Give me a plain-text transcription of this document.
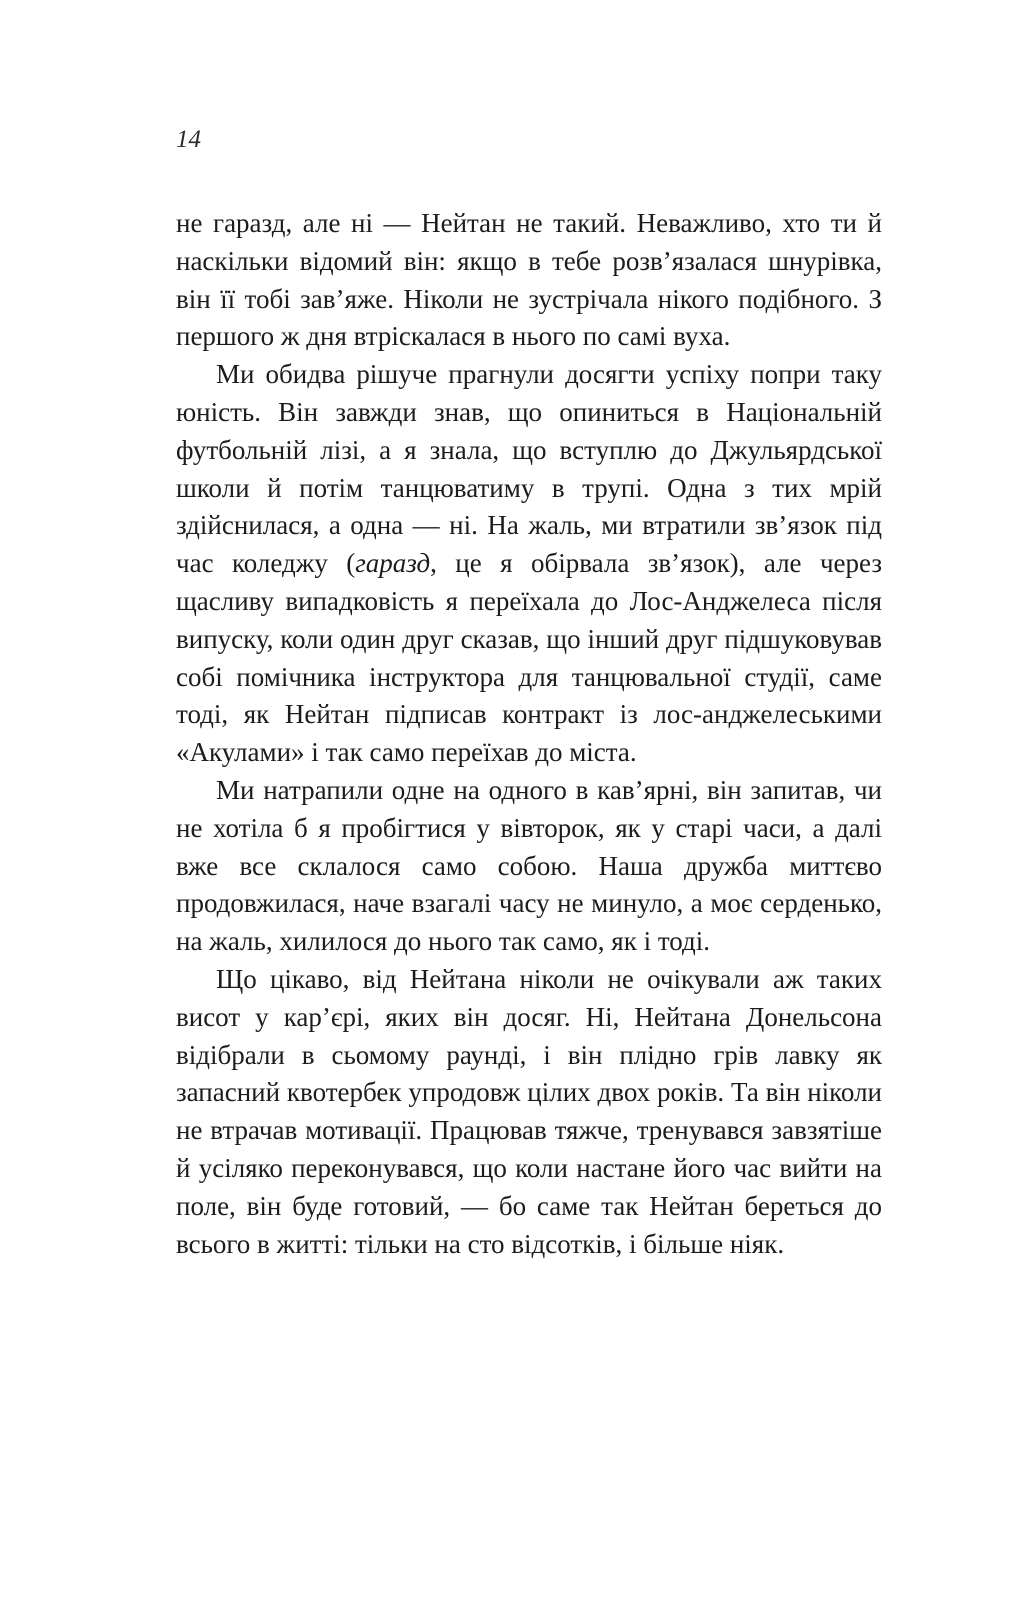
14

не гаразд, але ні — Нейтан не такий. Неважливо, хто ти й наскільки відомий він: якщо в тебе розв’язалася шнурівка, він її тобі зав’яже. Ніколи не зустрічала нікого подібного. З першого ж дня втріскалася в нього по самі вуха.

Ми обидва рішуче прагнули досягти успіху попри таку юність. Він завжди знав, що опиниться в Національній футбольній лізі, а я знала, що вступлю до Джульярдської школи й потім танцюватиму в трупі. Одна з тих мрій здійснилася, а одна — ні. На жаль, ми втратили зв’язок під час коледжу (гаразд, це я обірвала зв’язок), але через щасливу випадковість я переїхала до Лос-Анджелеса після випуску, коли один друг сказав, що інший друг підшуковував собі помічника інструктора для танцювальної студії, саме тоді, як Нейтан підписав контракт із лос-анджелеськими «Акулами» і так само переїхав до міста.

Ми натрапили одне на одного в кав’ярні, він запитав, чи не хотіла б я пробігтися у вівторок, як у старі часи, а далі вже все склалося само собою. Наша дружба миттєво продовжилася, наче взагалі часу не минуло, а моє серденько, на жаль, хилилося до нього так само, як і тоді.

Що цікаво, від Нейтана ніколи не очікували аж таких висот у кар’єрі, яких він досяг. Ні, Нейтана Донельсона відібрали в сьомому раунді, і він плідно грів лавку як запасний квотербек упродовж цілих двох років. Та він ніколи не втрачав мотивації. Працював тяжче, тренувався завзятіше й усіляко переконувався, що коли настане його час вийти на поле, він буде готовий, — бо саме так Нейтан береться до всього в житті: тільки на сто відсотків, і більше ніяк.
